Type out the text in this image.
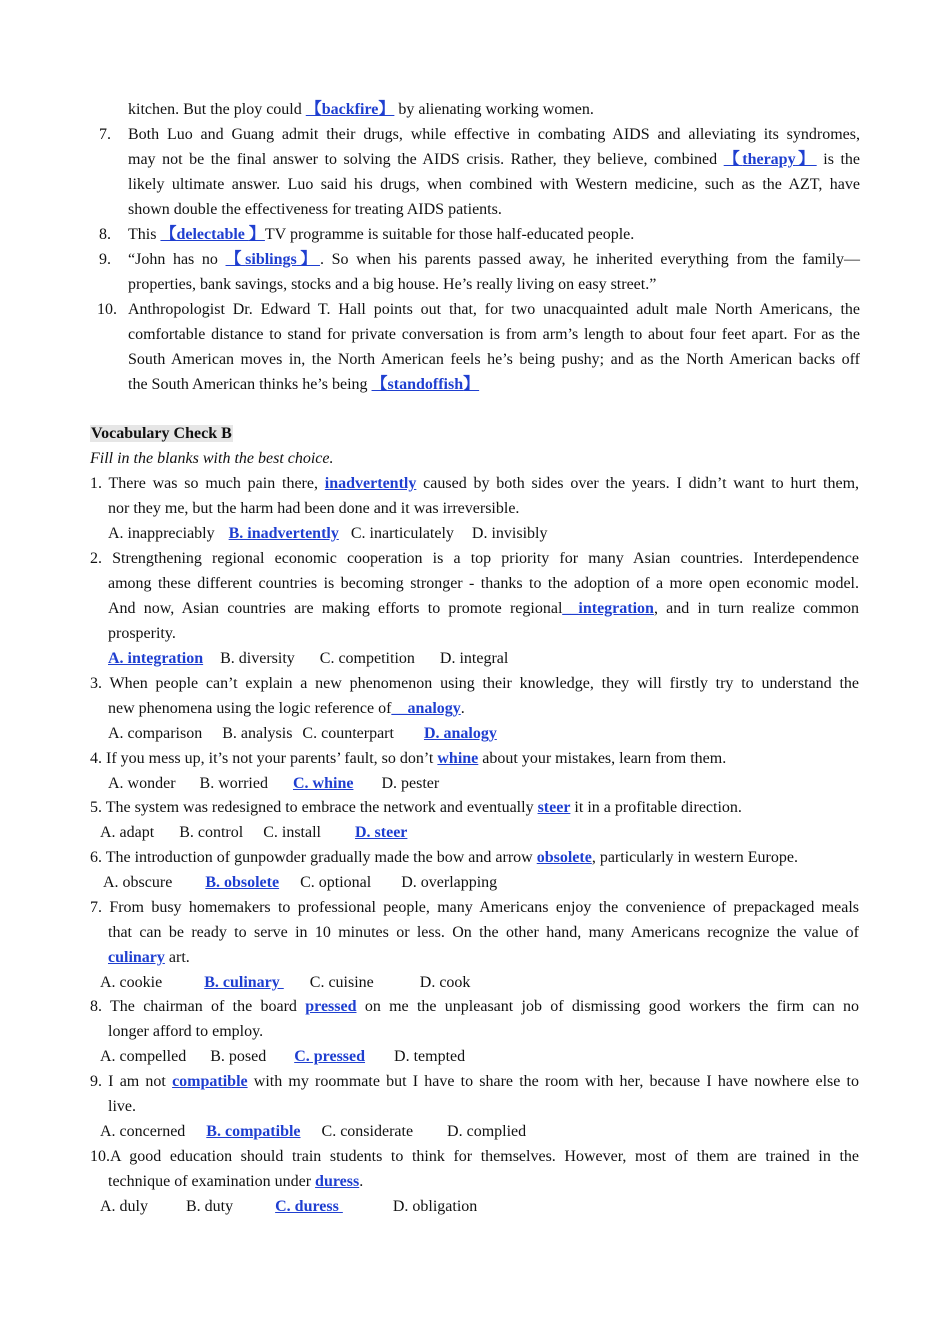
kitchen. But the ploy could 【backfire】 by alienating working women.
7. Both Luo and Guang admit their drugs, while effective in combating AIDS and alleviating its syndromes,
may not be the final answer to solving the AIDS crisis. Rather, they believe, combined 【therapy】 is the
likely ultimate answer. Luo said his drugs, when combined with Western medicine, such as the AZT, have
shown double the effectiveness for treating AIDS patients.
8. This 【delectable 】TV programme is suitable for those half-educated people.
9. “John has no 【siblings】. So when his parents passed away, he inherited everything from the family—
properties, bank savings, stocks and a big house. He’s really living on easy street.”
10. Anthropologist Dr. Edward T. Hall points out that, for two unacquainted adult male North Americans, the
comfortable distance to stand for private conversation is from arm’s length to about four feet apart. For as the
South American moves in, the North American feels he’s being pushy; and as the North American backs off
the South American thinks he’s being 【standoffish】
Vocabulary Check B
Fill in the blanks with the best choice.
1. There was so much pain there, inadvertently caused by both sides over the years. I didn’t want to hurt them,
nor they me, but the harm had been done and it was irreversible.
A. inappreciably B. inadvertently C. inarticulately D. invisibly
2. Strengthening regional economic cooperation is a top priority for many Asian countries. Interdependence
among these different countries is becoming stronger - thanks to the adoption of a more open economic model.
And now, Asian countries are making efforts to promote regional__integration, and in turn realize common
prosperity.
A. integration B. diversity C. competition D. integral
3. When people can’t explain a new phenomenon using their knowledge, they will firstly try to understand the
new phenomena using the logic reference of__analogy.
A. comparison B. analysis C. counterpart D. analogy
4. If you mess up, it’s not your parents’ fault, so don’t whine about your mistakes, learn from them.
A. wonder B. worried C. whine D. pester
5. The system was redesigned to embrace the network and eventually steer it in a profitable direction.
A. adapt B. control C. install D. steer
6. The introduction of gunpowder gradually made the bow and arrow obsolete, particularly in western Europe.
A. obscure B. obsolete C. optional D. overlapping
7. From busy homemakers to professional people, many Americans enjoy the convenience of prepackaged meals
that can be ready to serve in 10 minutes or less. On the other hand, many Americans recognize the value of
culinary art.
A. cookie	B. culinary C. cuisine	D. cook
8. The chairman of the board pressed on me the unpleasant job of dismissing good workers the firm can no
longer afford to employ.
A. compelled B. posed C. pressed D. tempted
9. I am not compatible with my roommate but I have to share the room with her, because I have nowhere else to
live.
A. concerned B. compatible C. considerate D. complied
10.A good education should train students to think for themselves. However, most of them are trained in the
technique of examination under duress.
A. duly B. duty	C. duress	D. obligation
